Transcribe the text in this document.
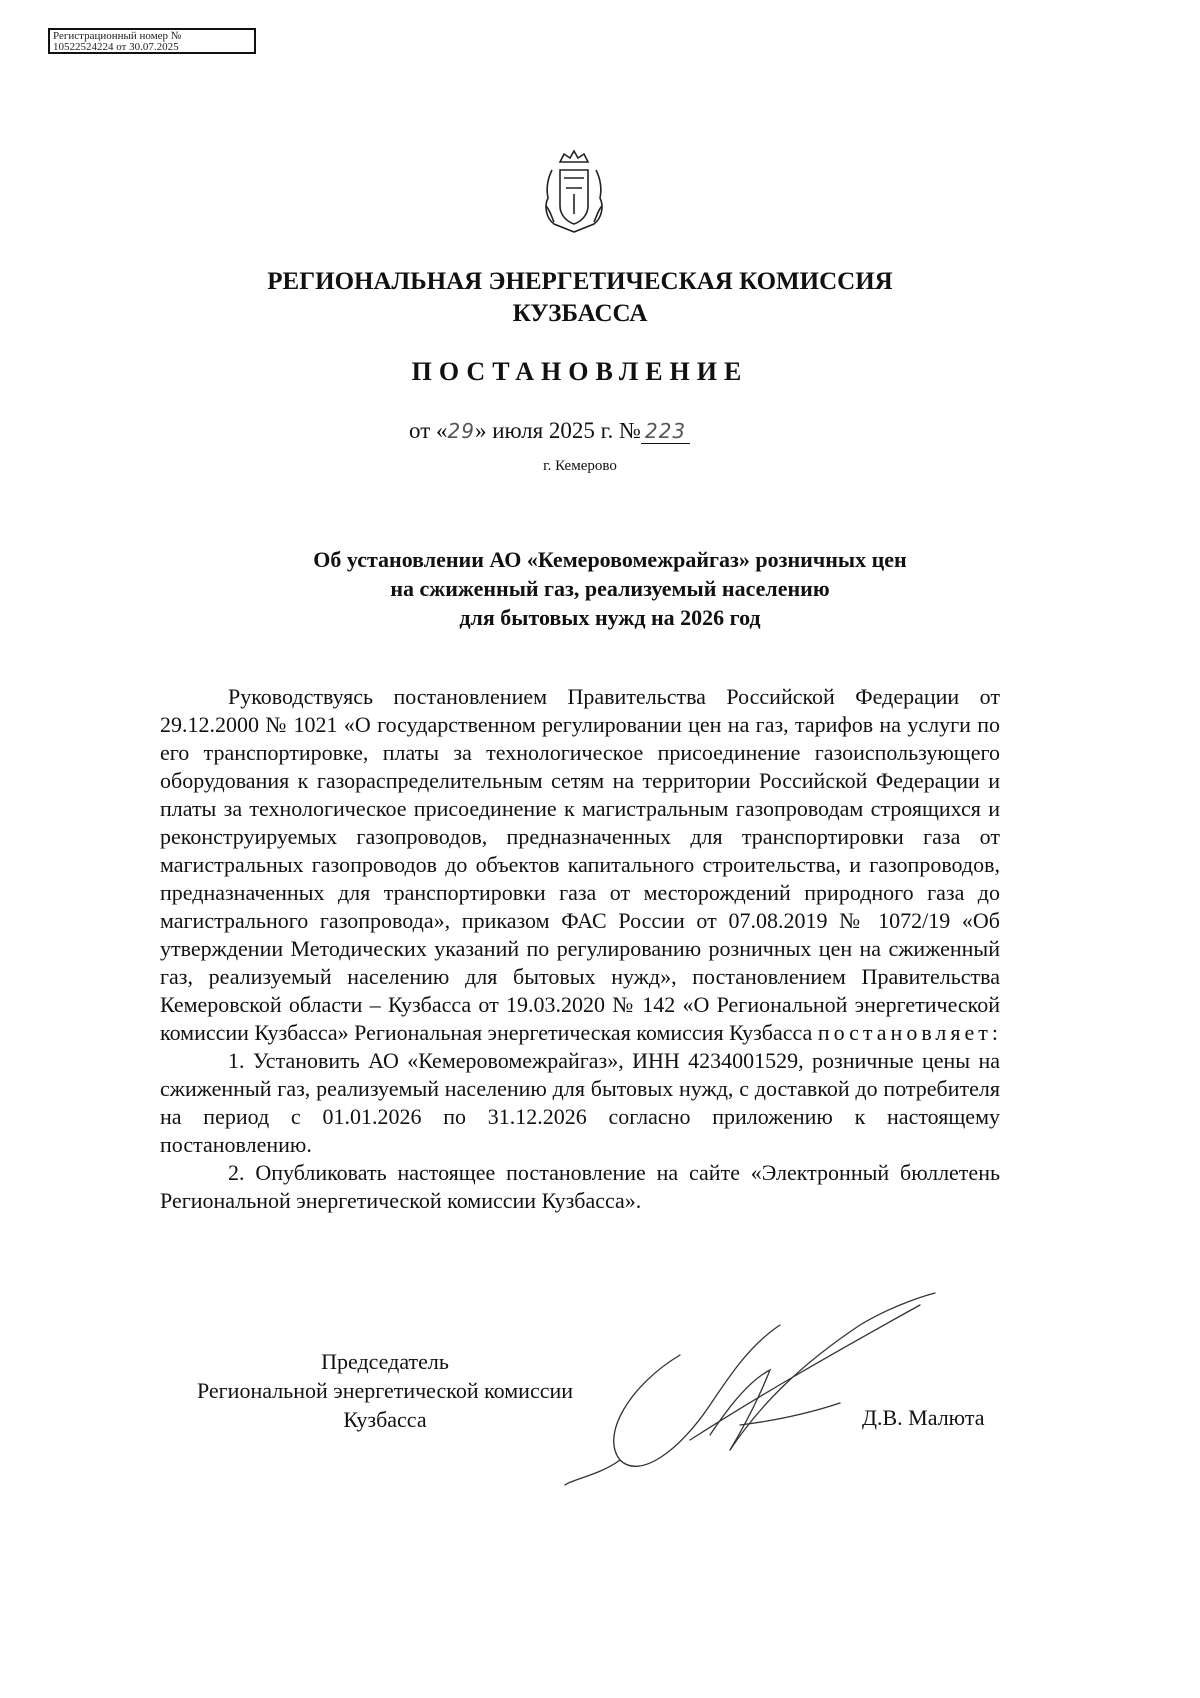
Регистрационный номер №
10522524224 от 30.07.2025
РЕГИОНАЛЬНАЯ ЭНЕРГЕТИЧЕСКАЯ КОМИССИЯ
КУЗБАССА
ПОСТАНОВЛЕНИЕ
от «29» июля 2025 г. № 223
г. Кемерово
Об установлении АО «Кемеровомежрайгаз» розничных цен
на сжиженный газ, реализуемый населению
для бытовых нужд на 2026 год

Руководствуясь постановлением Правительства Российской Федерации от 29.12.2000 № 1021 «О государственном регулировании цен на газ, тарифов на услуги по его транспортировке, платы за технологическое присоединение газоиспользующего оборудования к газораспределительным сетям на территории Российской Федерации и платы за технологическое присоединение к магистральным газопроводам строящихся и реконструируемых газопроводов, предназначенных для транспортировки газа от магистральных газопроводов до объектов капитального строительства, и газопроводов, предназначенных для транспортировки газа от месторождений природного газа до магистрального газопровода», приказом ФАС России от 07.08.2019 № 1072/19 «Об утверждении Методических указаний по регулированию розничных цен на сжиженный газ, реализуемый населению для бытовых нужд», постановлением Правительства Кемеровской области – Кузбасса от 19.03.2020 № 142 «О Региональной энергетической комиссии Кузбасса» Региональная энергетическая комиссия Кузбасса постановляет:

1. Установить АО «Кемеровомежрайгаз», ИНН 4234001529, розничные цены на сжиженный газ, реализуемый населению для бытовых нужд, с доставкой до потребителя на период с 01.01.2026 по 31.12.2026 согласно приложению к настоящему постановлению.

2. Опубликовать настоящее постановление на сайте «Электронный бюллетень Региональной энергетической комиссии Кузбасса».

Председатель
Региональной энергетической комиссии
Кузбасса	Д.В. Малюта
